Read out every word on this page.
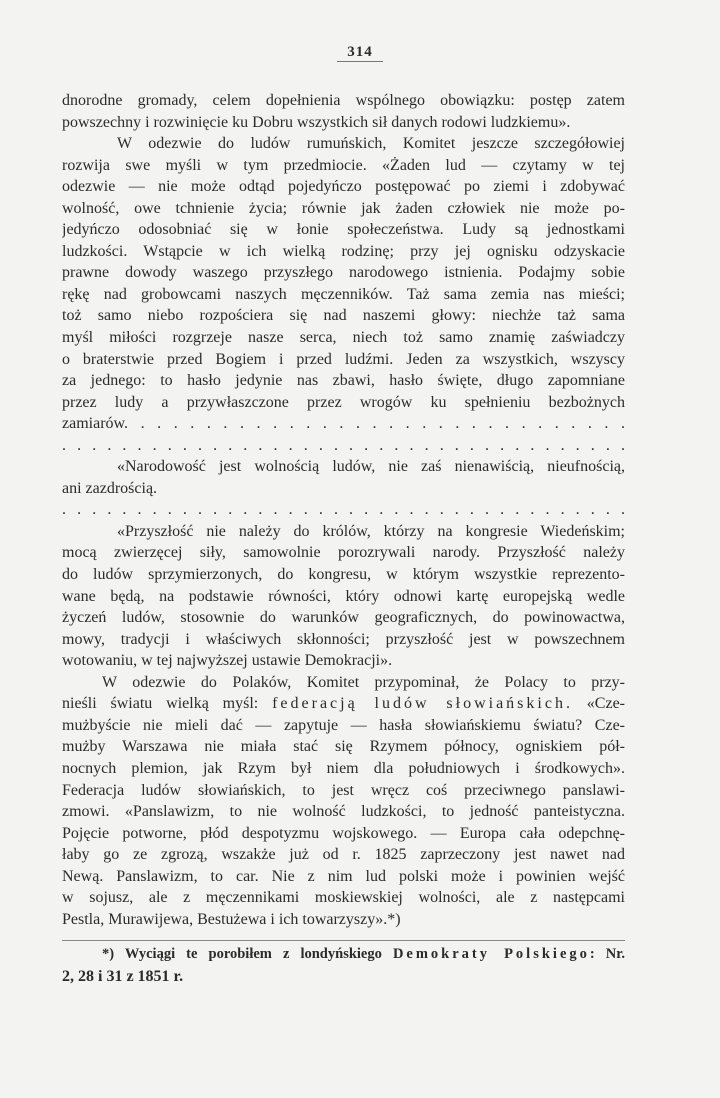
314
dnorodne gromady, celem dopełnienia wspólnego obowiązku: postęp zatem
powszechny i rozwinięcie ku Dobru wszystkich sił danych rodowi ludzkiemu».
W odezwie do ludów rumuńskich, Komitet jeszcze szczegółowiej
rozwija swe myśli w tym przedmiocie. «Żaden lud — czytamy w tej
odezwie — nie może odtąd pojedyńczo postępować po ziemi i zdobywać
wolność, owe tchnienie życia; równie jak żaden człowiek nie może po-
jedyńczo odosobniać się w łonie społeczeństwa. Ludy są jednostkami
ludzkości. Wstąpcie w ich wielką rodzinę; przy jej ognisku odzyskacie
prawne dowody waszego przyszłego narodowego istnienia. Podajmy sobie
rękę nad grobowcami naszych męczenników. Taż sama zemia nas mieści;
toż samo niebo rozpościera się nad naszemi głowy: niechże taż sama
myśl miłości rozgrzeje nasze serca, niech toż samo znamię zaświadczy
o braterstwie przed Bogiem i przed ludźmi. Jeden za wszystkich, wszyscy
za jednego: to hasło jedynie nas zbawi, hasło święte, długo zapomniane
przez ludy a przywłaszczone przez wrogów ku spełnieniu bezbożnych
zamiarów. . . . . . . . . . . . . . . . . . . . . . . . . . . . . . .
. . . . . . . . . . . . . . . . . . . . . . . . . . . . . . . . . . . . . .
«Narodowość jest wolnością ludów, nie zaś nienawiścią, nieufnością,
ani zazdrością.
. . . . . . . . . . . . . . . . . . . . . . . . . . . . . . . . . . . . . .
«Przyszłość nie należy do królów, którzy na kongresie Wiedeńskim;
mocą zwierzęcej siły, samowolnie porozrywali narody. Przyszłość należy
do ludów sprzymierzonych, do kongresu, w którym wszystkie reprezento-
wane będą, na podstawie równości, który odnowi kartę europejską wedle
życzeń ludów, stosownie do warunków geograficznych, do powinowactwa,
mowy, tradycji i właściwych skłonności; przyszłość jest w powszechnem
wotowaniu, w tej najwyższej ustawie Demokracji».
W odezwie do Polaków, Komitet przypominał, że Polacy to przy-
nieśli światu wielką myśl: federacją ludów słowiańskich. «Cze-
mużbyście nie mieli dać — zapytuje — hasła słowiańskiemu światu? Cze-
mużby Warszawa nie miała stać się Rzymem północy, ogniskiem pół-
nocnych plemion, jak Rzym był niem dla południowych i środkowych».
Federacja ludów słowiańskich, to jest wręcz coś przeciwnego panslawi-
zmowi. «Panslawizm, to nie wolność ludzkości, to jedność panteistyczna.
Pojęcie potworne, płód despotyzmu wojskowego. — Europa cała odepchnę-
łaby go ze zgrozą, wszakże już od r. 1825 zaprzeczony jest nawet nad
Newą. Panslawizm, to car. Nie z nim lud polski może i powinien wejść
w sojusz, ale z męczennikami moskiewskiej wolności, ale z następcami
Pestla, Murawijewa, Bestużewa i ich towarzyszy».*)
*) Wyciągi te porobiłem z londyńskiego Demokraty Polskiego: Nr.
2, 28 i 31 z 1851 r.
